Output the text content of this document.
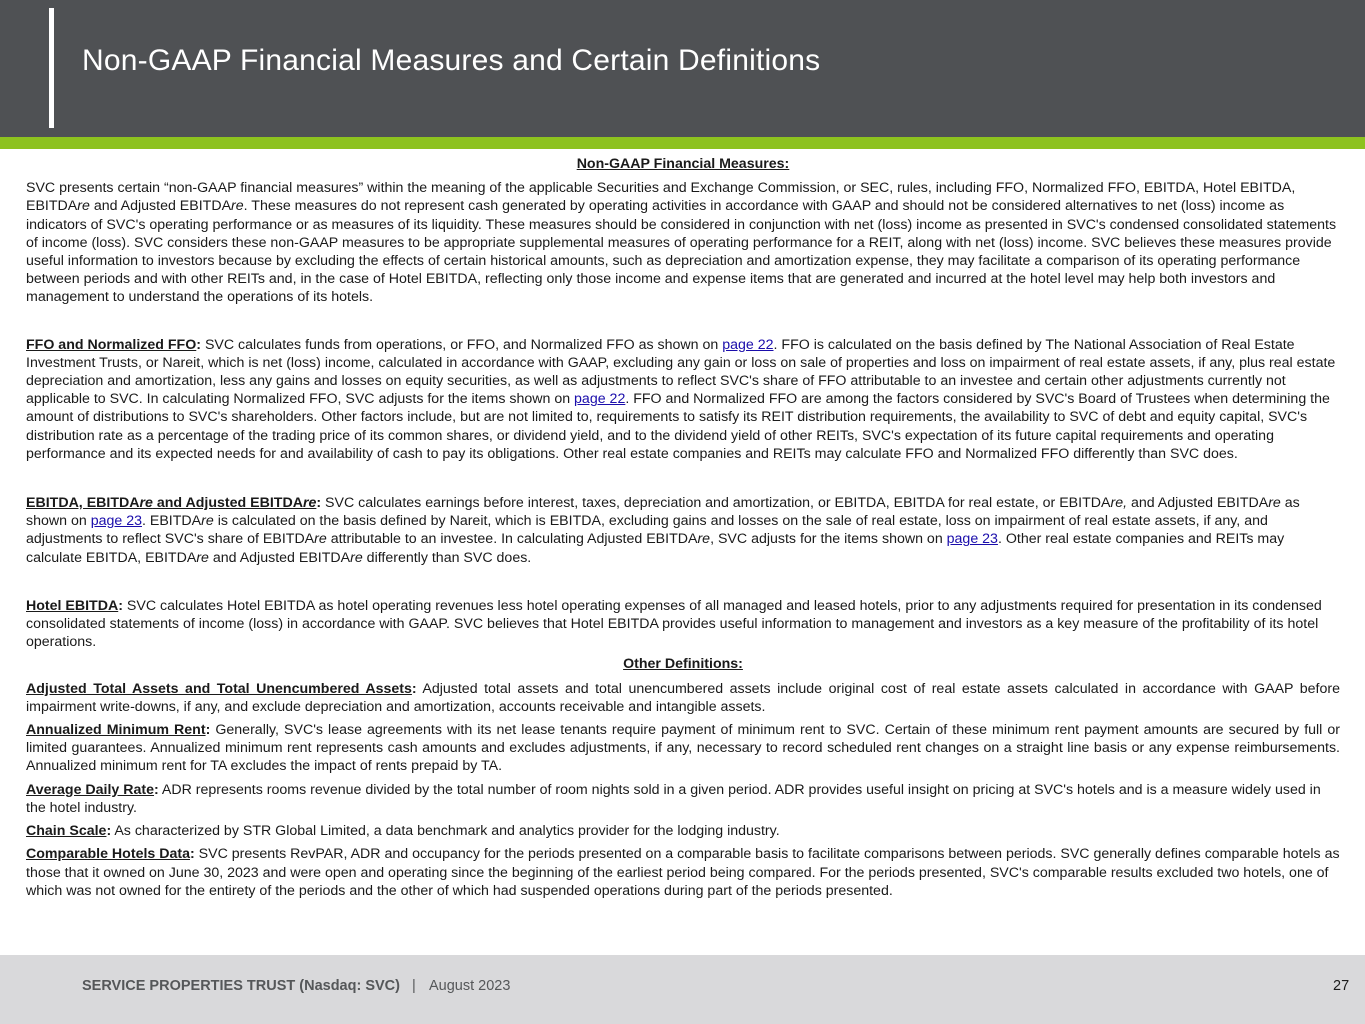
Non-GAAP Financial Measures and Certain Definitions

Non-GAAP Financial Measures:

SVC presents certain “non-GAAP financial measures” within the meaning of the applicable Securities and Exchange Commission, or SEC, rules, including FFO, Normalized FFO, EBITDA, Hotel EBITDA, EBITDAre and Adjusted EBITDAre. These measures do not represent cash generated by operating activities in accordance with GAAP and should not be considered alternatives to net (loss) income as indicators of SVC's operating performance or as measures of its liquidity. These measures should be considered in conjunction with net (loss) income as presented in SVC's condensed consolidated statements of income (loss). SVC considers these non-GAAP measures to be appropriate supplemental measures of operating performance for a REIT, along with net (loss) income. SVC believes these measures provide useful information to investors because by excluding the effects of certain historical amounts, such as depreciation and amortization expense, they may facilitate a comparison of its operating performance between periods and with other REITs and, in the case of Hotel EBITDA, reflecting only those income and expense items that are generated and incurred at the hotel level may help both investors and management to understand the operations of its hotels.

FFO and Normalized FFO: SVC calculates funds from operations, or FFO, and Normalized FFO as shown on page 22. FFO is calculated on the basis defined by The National Association of Real Estate Investment Trusts, or Nareit, which is net (loss) income, calculated in accordance with GAAP, excluding any gain or loss on sale of properties and loss on impairment of real estate assets, if any, plus real estate depreciation and amortization, less any gains and losses on equity securities, as well as adjustments to reflect SVC's share of FFO attributable to an investee and certain other adjustments currently not applicable to SVC. In calculating Normalized FFO, SVC adjusts for the items shown on page 22. FFO and Normalized FFO are among the factors considered by SVC's Board of Trustees when determining the amount of distributions to SVC's shareholders. Other factors include, but are not limited to, requirements to satisfy its REIT distribution requirements, the availability to SVC of debt and equity capital, SVC's distribution rate as a percentage of the trading price of its common shares, or dividend yield, and to the dividend yield of other REITs, SVC's expectation of its future capital requirements and operating performance and its expected needs for and availability of cash to pay its obligations. Other real estate companies and REITs may calculate FFO and Normalized FFO differently than SVC does.

EBITDA, EBITDAre and Adjusted EBITDAre: SVC calculates earnings before interest, taxes, depreciation and amortization, or EBITDA, EBITDA for real estate, or EBITDAre, and Adjusted EBITDAre as shown on page 23. EBITDAre is calculated on the basis defined by Nareit, which is EBITDA, excluding gains and losses on the sale of real estate, loss on impairment of real estate assets, if any, and adjustments to reflect SVC's share of EBITDAre attributable to an investee. In calculating Adjusted EBITDAre, SVC adjusts for the items shown on page 23. Other real estate companies and REITs may calculate EBITDA, EBITDAre and Adjusted EBITDAre differently than SVC does.

Hotel EBITDA: SVC calculates Hotel EBITDA as hotel operating revenues less hotel operating expenses of all managed and leased hotels, prior to any adjustments required for presentation in its condensed consolidated statements of income (loss) in accordance with GAAP. SVC believes that Hotel EBITDA provides useful information to management and investors as a key measure of the profitability of its hotel operations.

Other Definitions:

Adjusted Total Assets and Total Unencumbered Assets: Adjusted total assets and total unencumbered assets include original cost of real estate assets calculated in accordance with GAAP before impairment write-downs, if any, and exclude depreciation and amortization, accounts receivable and intangible assets.

Annualized Minimum Rent: Generally, SVC's lease agreements with its net lease tenants require payment of minimum rent to SVC. Certain of these minimum rent payment amounts are secured by full or limited guarantees. Annualized minimum rent represents cash amounts and excludes adjustments, if any, necessary to record scheduled rent changes on a straight line basis or any expense reimbursements. Annualized minimum rent for TA excludes the impact of rents prepaid by TA.

Average Daily Rate: ADR represents rooms revenue divided by the total number of room nights sold in a given period. ADR provides useful insight on pricing at SVC's hotels and is a measure widely used in the hotel industry.

Chain Scale: As characterized by STR Global Limited, a data benchmark and analytics provider for the lodging industry.

Comparable Hotels Data: SVC presents RevPAR, ADR and occupancy for the periods presented on a comparable basis to facilitate comparisons between periods. SVC generally defines comparable hotels as those that it owned on June 30, 2023 and were open and operating since the beginning of the earliest period being compared. For the periods presented, SVC's comparable results excluded two hotels, one of which was not owned for the entirety of the periods and the other of which had suspended operations during part of the periods presented.

SERVICE PROPERTIES TRUST (Nasdaq: SVC) | August 2023	27
